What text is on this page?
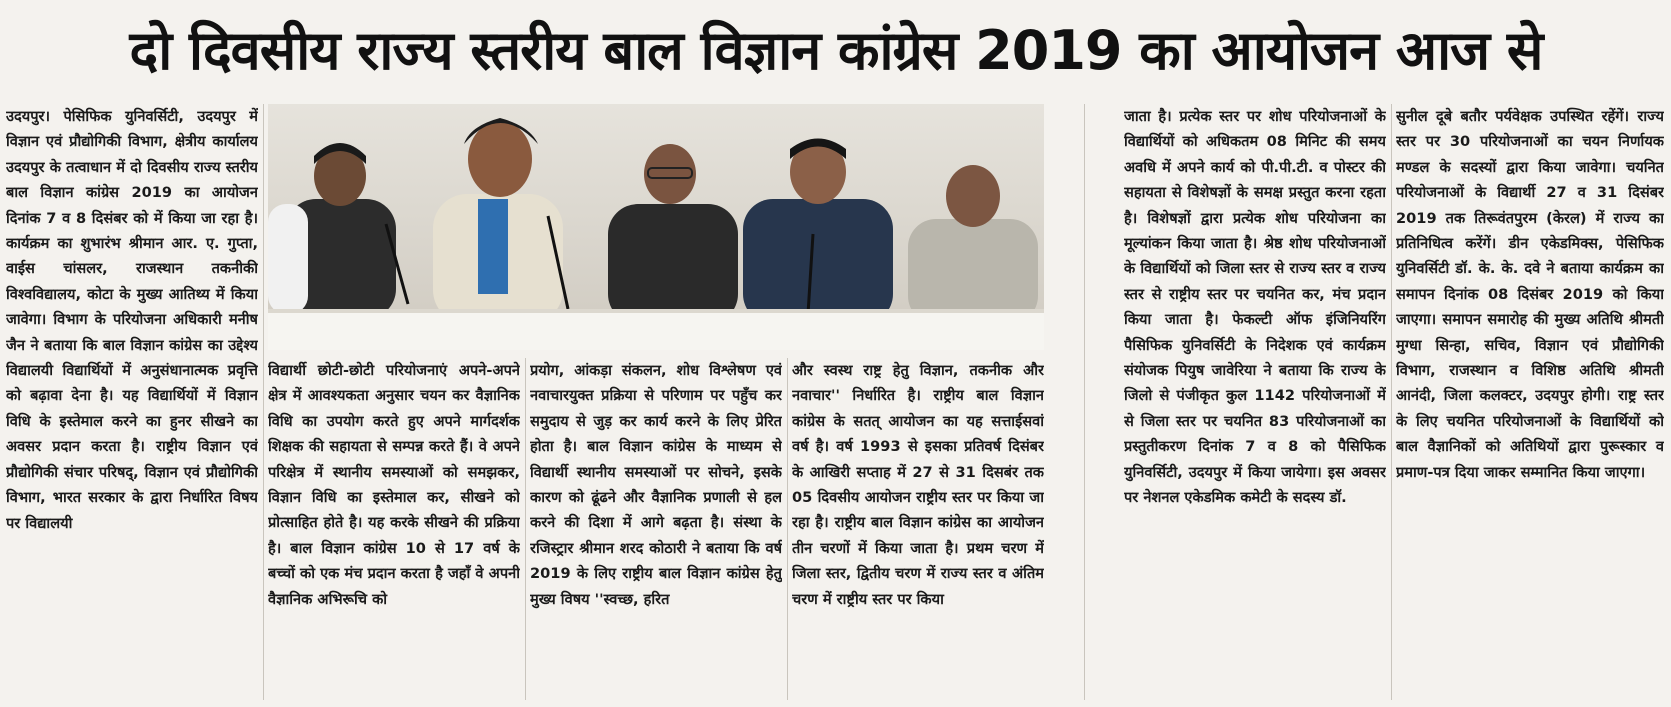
दो दिवसीय राज्य स्तरीय बाल विज्ञान कांग्रेस 2019 का आयोजन आज से

उदयपुर। पेसिफिक युनिवर्सिटी, उदयपुर में विज्ञान एवं प्रौद्योगिकी विभाग, क्षेत्रीय कार्यालय उदयपुर के तत्वाधान में दो दिवसीय राज्य स्तरीय बाल विज्ञान कांग्रेस 2019 का आयोजन दिनांक 7 व 8 दिसंबर को में किया जा रहा है। कार्यक्रम का शुभारंभ श्रीमान आर. ए. गुप्ता, वाईस चांसलर, राजस्थान तकनीकी विश्वविद्यालय, कोटा के मुख्य आतिथ्य में किया जावेगा। विभाग के परियोजना अधिकारी मनीष जैन ने बताया कि बाल विज्ञान कांग्रेस का उद्देश्य विद्यालयी विद्यार्थियों में अनुसंधानात्मक प्रवृत्ति को बढ़ावा देना है। यह विद्यार्थियों में विज्ञान विधि के इस्तेमाल करने का हुनर सीखने का अवसर प्रदान करता है। राष्ट्रीय विज्ञान एवं प्रौद्योगिकी संचार परिषद्, विज्ञान एवं प्रौद्योगिकी विभाग, भारत सरकार के द्वारा निर्धारित विषय पर विद्यालयी

विद्यार्थी छोटी-छोटी परियोजनाएं अपने-अपने क्षेत्र में आवश्यकता अनुसार चयन कर वैज्ञानिक विधि का उपयोग करते हुए अपने मार्गदर्शक शिक्षक की सहायता से सम्पन्न करते हैं। वे अपने परिक्षेत्र में स्थानीय समस्याओं को समझकर, विज्ञान विधि का इस्तेमाल कर, सीखने को प्रोत्साहित होते है। यह करके सीखने की प्रक्रिया है। बाल विज्ञान कांग्रेस 10 से 17 वर्ष के बच्चों को एक मंच प्रदान करता है जहाँ वे अपनी वैज्ञानिक अभिरूचि को

प्रयोग, आंकड़ा संकलन, शोध विश्लेषण एवं नवाचारयुक्त प्रक्रिया से परिणाम पर पहुँच कर समुदाय से जुड़ कर कार्य करने के लिए प्रेरित होता है। बाल विज्ञान कांग्रेस के माध्यम से विद्यार्थी स्थानीय समस्याओं पर सोचने, इसके कारण को ढूंढने और वैज्ञानिक प्रणाली से हल करने की दिशा में आगे बढ़ता है। संस्था के रजिस्ट्रार श्रीमान शरद कोठारी ने बताया कि वर्ष 2019 के लिए राष्ट्रीय बाल विज्ञान कांग्रेस हेतु मुख्य विषय ''स्वच्छ, हरित

और स्वस्थ राष्ट्र हेतु विज्ञान, तकनीक और नवाचार'' निर्धारित है। राष्ट्रीय बाल विज्ञान कांग्रेस के सतत् आयोजन का यह सत्ताईसवां वर्ष है। वर्ष 1993 से इसका प्रतिवर्ष दिसंबर के आखिरी सप्ताह में 27 से 31 दिसबंर तक 05 दिवसीय आयोजन राष्ट्रीय स्तर पर किया जा रहा है। राष्ट्रीय बाल विज्ञान कांग्रेस का आयोजन तीन चरणों में किया जाता है। प्रथम चरण में जिला स्तर, द्वितीय चरण में राज्य स्तर व अंतिम चरण में राष्ट्रीय स्तर पर किया

जाता है। प्रत्येक स्तर पर शोध परियोजनाओं के विद्यार्थियों को अधिकतम 08 मिनिट की समय अवधि में अपने कार्य को पी.पी.टी. व पोस्टर की सहायता से विशेषज्ञों के समक्ष प्रस्तुत करना रहता है। विशेषज्ञों द्वारा प्रत्येक शोध परियोजना का मूल्यांकन किया जाता है। श्रेष्ठ शोध परियोजनाओं के विद्यार्थियों को जिला स्तर से राज्य स्तर व राज्य स्तर से राष्ट्रीय स्तर पर चयनित कर, मंच प्रदान किया जाता है। फेकल्टी ऑफ इंजिनियरिंग पैसिफिक युनिवर्सिटी के निदेशक एवं कार्यक्रम संयोजक पियुष जावेरिया ने बताया कि राज्य के जिलो से पंजीकृत कुल 1142 परियोजनाओं में से जिला स्तर पर चयनित 83 परियोजनाओं का प्रस्तुतीकरण दिनांक 7 व 8 को पैसिफिक युनिवर्सिटी, उदयपुर में किया जायेगा। इस अवसर पर नेशनल एकेडमिक कमेटी के सदस्य डॉ.

सुनील दूबे बतौर पर्यवेक्षक उपस्थित रहेंगें। राज्य स्तर पर 30 परियोजनाओं का चयन निर्णायक मण्डल के सदस्यों द्वारा किया जावेगा। चयनित परियोजनाओं के विद्यार्थी 27 व 31 दिसंबर 2019 तक तिरूवंतपुरम (केरल) में राज्य का प्रतिनिधित्व करेंगें। डीन एकेडमिक्स, पेसिफिक युनिवर्सिटी डॉ. के. के. दवे ने बताया कार्यक्रम का समापन दिनांक 08 दिसंबर 2019 को किया जाएगा। समापन समारोह की मुख्य अतिथि श्रीमती मुग्धा सिन्हा, सचिव, विज्ञान एवं प्रौद्योगिकी विभाग, राजस्थान व विशिष्ठ अतिथि श्रीमती आनंदी, जिला कलक्टर, उदयपुर होगी। राष्ट्र स्तर के लिए चयनित परियोजनाओं के विद्यार्थियों को बाल वैज्ञानिकों को अतिथियों द्वारा पुरूस्कार व प्रमाण-पत्र दिया जाकर सम्मानित किया जाएगा।
